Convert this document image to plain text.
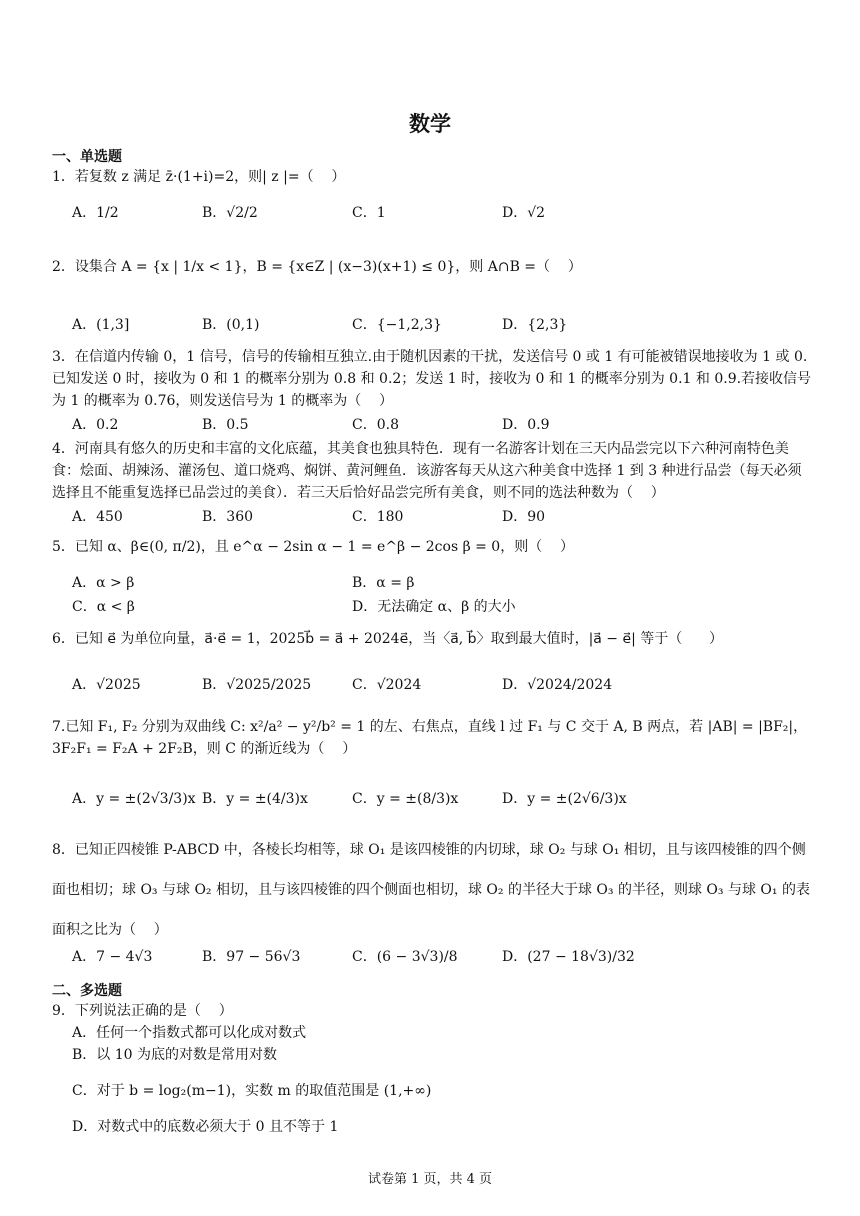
数学
一、单选题
1．若复数 z 满足 z̄·(1+i)=2，则| z |=（    ）
A．1/2	B．√2/2	C．1	D．√2
2．设集合 A = {x | 1/x < 1}，B = {x∈Z | (x−3)(x+1) ≤ 0}，则 A∩B =（    ）
A．(1,3]	B．(0,1)	C．{−1,2,3}	D．{2,3}
3．在信道内传输 0，1 信号，信号的传输相互独立.由于随机因素的干扰，发送信号 0 或 1 有可能被错误地接收为 1 或 0.已知发送 0 时，接收为 0 和 1 的概率分别为 0.8 和 0.2；发送 1 时，接收为 0 和 1 的概率分别为 0.1 和 0.9.若接收信号为 1 的概率为 0.76，则发送信号为 1 的概率为（    ）
A．0.2	B．0.5	C．0.8	D．0.9
4．河南具有悠久的历史和丰富的文化底蕴，其美食也独具特色．现有一名游客计划在三天内品尝完以下六种河南特色美食：烩面、胡辣汤、灌汤包、道口烧鸡、焖饼、黄河鲤鱼．该游客每天从这六种美食中选择 1 到 3 种进行品尝（每天必须选择且不能重复选择已品尝过的美食）．若三天后恰好品尝完所有美食，则不同的选法种数为（    ）
A．450	B．360	C．180	D．90
5．已知 α、β∈(0, π/2)，且 e^α − 2sin α − 1 = e^β − 2cos β = 0，则（    ）
A．α > β	B．α = β
C．α < β	D．无法确定 α、β 的大小
6．已知 e⃗ 为单位向量，a⃗·e⃗ = 1，2025b⃗ = a⃗ + 2024e⃗，当〈a⃗, b⃗〉取到最大值时，|a⃗ − e⃗| 等于（      ）
A．√2025	B．√2025/2025	C．√2024	D．√2024/2024
7.已知 F₁, F₂ 分别为双曲线 C: x²/a² − y²/b² = 1 的左、右焦点，直线 l 过 F₁ 与 C 交于 A, B 两点，若 |AB| = |BF₂|，3F₂F₁ = F₂A + 2F₂B，则 C 的渐近线为（    ）
A．y = ±(2√3/3)x B．y = ±(4/3)x	C．y = ±(8/3)x	D．y = ±(2√6/3)x
8．已知正四棱锥 P-ABCD 中，各棱长均相等，球 O₁ 是该四棱锥的内切球，球 O₂ 与球 O₁ 相切，且与该四棱锥的四个侧面也相切；球 O₃ 与球 O₂ 相切，且与该四棱锥的四个侧面也相切，球 O₂ 的半径大于球 O₃ 的半径，则球 O₃ 与球 O₁ 的表面积之比为（    ）
A．7 − 4√3	B．97 − 56√3	C．(6 − 3√3)/8	D．(27 − 18√3)/32
二、多选题
9．下列说法正确的是（    ）
A．任何一个指数式都可以化成对数式
B．以 10 为底的对数是常用对数
C．对于 b = log₂(m−1)，实数 m 的取值范围是 (1,+∞)
D．对数式中的底数必须大于 0 且不等于 1
试卷第 1 页，共 4 页
